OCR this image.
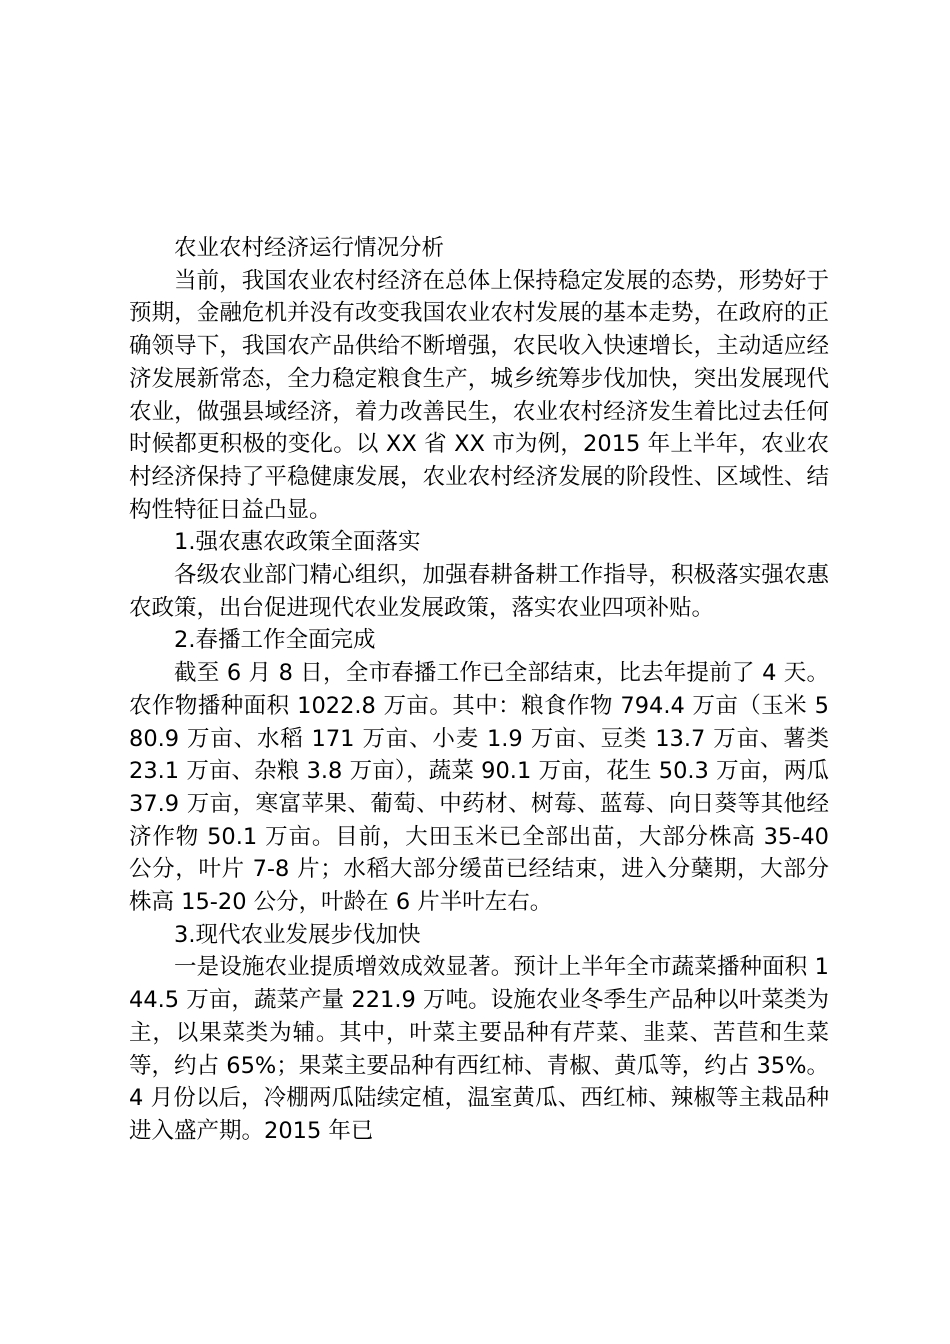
农业农村经济运行情况分析

当前，我国农业农村经济在总体上保持稳定发展的态势，形势好于预期，金融危机并没有改变我国农业农村发展的基本走势，在政府的正确领导下，我国农产品供给不断增强，农民收入快速增长，主动适应经济发展新常态，全力稳定粮食生产，城乡统筹步伐加快，突出发展现代农业，做强县域经济，着力改善民生，农业农村经济发生着比过去任何时候都更积极的变化。以 XX 省 XX 市为例，2015 年上半年，农业农村经济保持了平稳健康发展，农业农村经济发展的阶段性、区域性、结构性特征日益凸显。

1.强农惠农政策全面落实

各级农业部门精心组织，加强春耕备耕工作指导，积极落实强农惠农政策，出台促进现代农业发展政策，落实农业四项补贴。

2.春播工作全面完成

截至 6 月 8 日，全市春播工作已全部结束，比去年提前了 4 天。农作物播种面积 1022.8 万亩。其中：粮食作物 794.4 万亩（玉米 580.9 万亩、水稻 171 万亩、小麦 1.9 万亩、豆类 13.7 万亩、薯类 23.1 万亩、杂粮 3.8 万亩），蔬菜 90.1 万亩，花生 50.3 万亩，两瓜 37.9 万亩，寒富苹果、葡萄、中药材、树莓、蓝莓、向日葵等其他经济作物 50.1 万亩。目前，大田玉米已全部出苗，大部分株高 35-40 公分，叶片 7-8 片；水稻大部分缓苗已经结束，进入分蘖期，大部分株高 15-20 公分，叶龄在 6 片半叶左右。

3.现代农业发展步伐加快

一是设施农业提质增效成效显著。预计上半年全市蔬菜播种面积 144.5 万亩，蔬菜产量 221.9 万吨。设施农业冬季生产品种以叶菜类为主，以果菜类为辅。其中，叶菜主要品种有芹菜、韭菜、苦苣和生菜等，约占 65%；果菜主要品种有西红柿、青椒、黄瓜等，约占 35%。4 月份以后，冷棚两瓜陆续定植，温室黄瓜、西红柿、辣椒等主栽品种进入盛产期。2015 年已
